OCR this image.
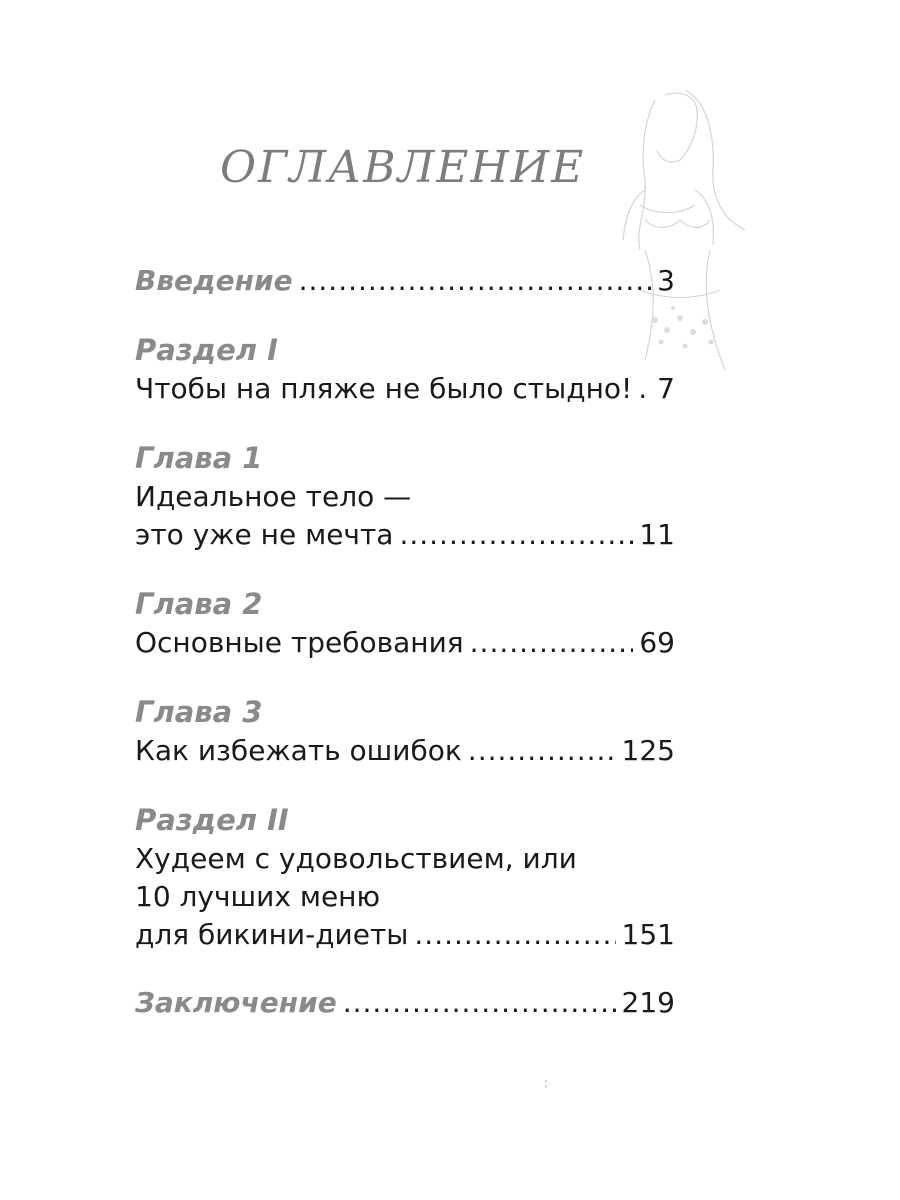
ОГЛАВЛЕНИЕ
Введение .....	3
Раздел I
Чтобы на пляже не было стыдно! ..... 7
Глава 1
Идеальное тело —
это уже не мечта .....	11
Глава 2
Основные требования .....	69
Глава 3
Как избежать ошибок .....	125
Раздел II
Худеем с удовольствием, или
10 лучших меню
для бикини-диеты .....	151
Заключение .....	219
:
